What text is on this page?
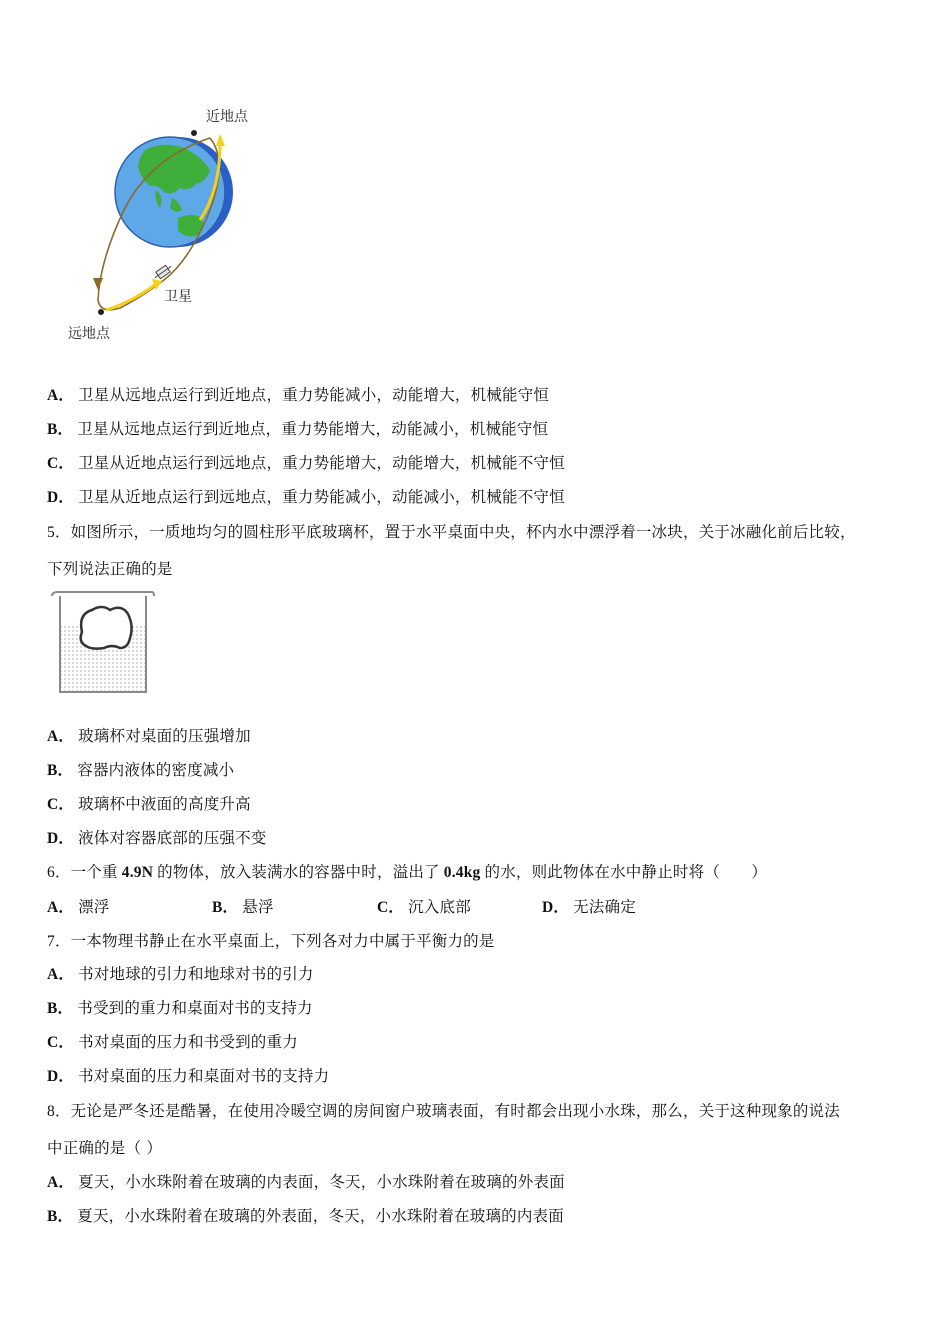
近地点
卫星
远地点
A． 卫星从远地点运行到近地点，重力势能减小，动能增大，机械能守恒
B． 卫星从远地点运行到近地点，重力势能增大，动能减小，机械能守恒
C． 卫星从近地点运行到远地点，重力势能增大，动能增大，机械能不守恒
D． 卫星从近地点运行到远地点，重力势能减小，动能减小，机械能不守恒
5．如图所示，一质地均匀的圆柱形平底玻璃杯，置于水平桌面中央，杯内水中漂浮着一冰块，关于冰融化前后比较，
下列说法正确的是
A． 玻璃杯对桌面的压强增加
B． 容器内液体的密度减小
C． 玻璃杯中液面的高度升高
D． 液体对容器底部的压强不变
6．一个重 4.9N 的物体，放入装满水的容器中时，溢出了 0.4kg 的水，则此物体在水中静止时将（　　）
A． 漂浮	B． 悬浮	C． 沉入底部	D． 无法确定
7．一本物理书静止在水平桌面上，下列各对力中属于平衡力的是
A． 书对地球的引力和地球对书的引力
B． 书受到的重力和桌面对书的支持力
C． 书对桌面的压力和书受到的重力
D． 书对桌面的压力和桌面对书的支持力
8．无论是严冬还是酷暑，在使用冷暖空调的房间窗户玻璃表面，有时都会出现小水珠，那么，关于这种现象的说法
中正确的是（ ）
A． 夏天，小水珠附着在玻璃的内表面，冬天，小水珠附着在玻璃的外表面
B． 夏天，小水珠附着在玻璃的外表面，冬天，小水珠附着在玻璃的内表面
